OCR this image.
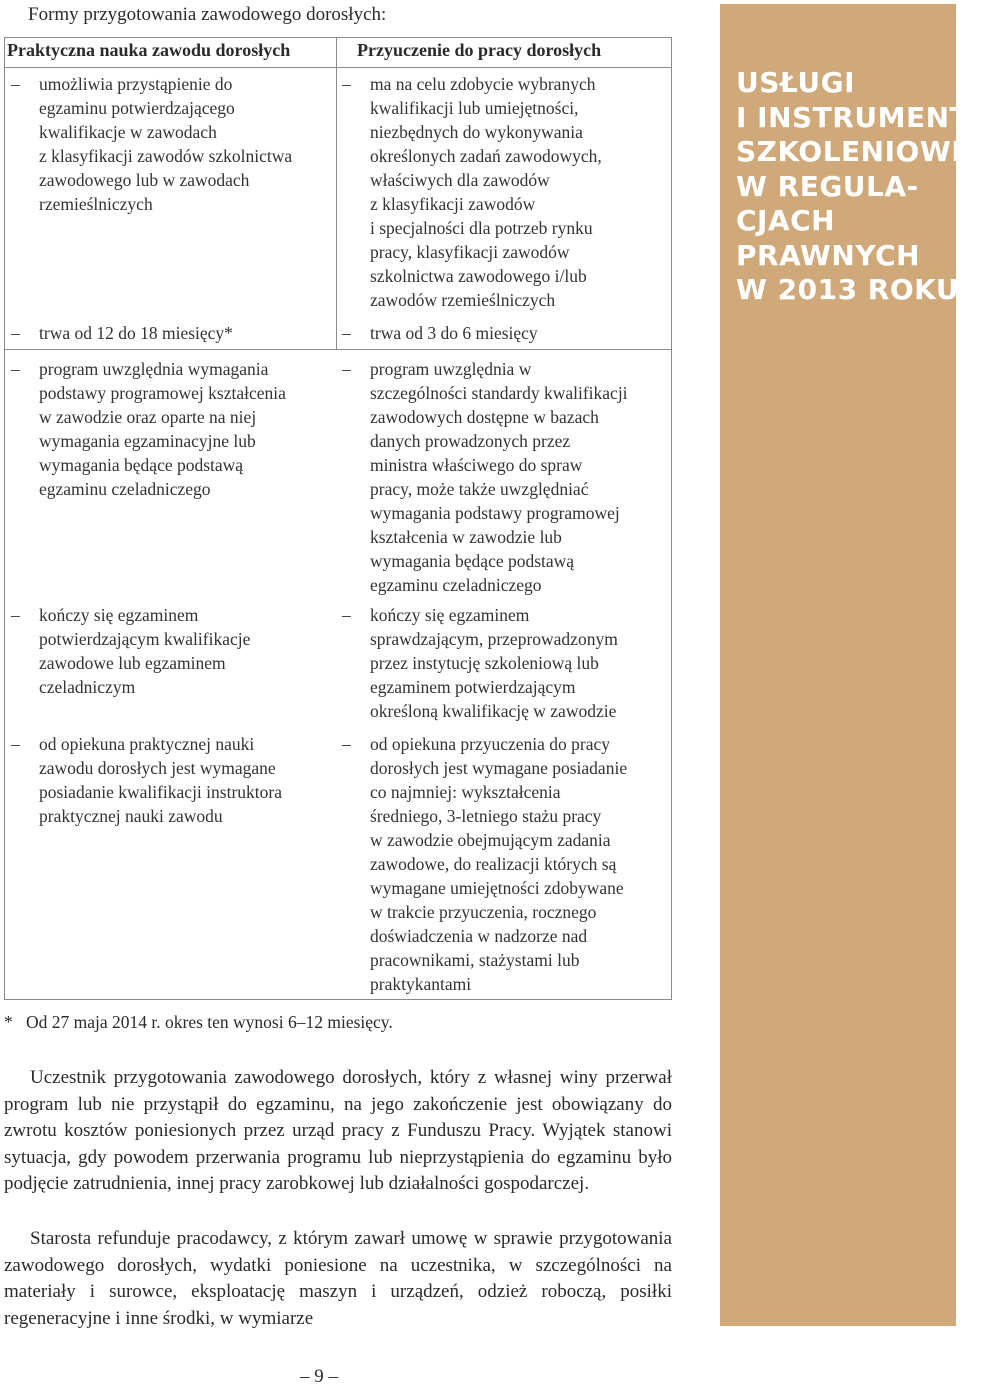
Formy przygotowania zawodowego dorosłych:
Praktyczna nauka zawodu dorosłych	Przyuczenie do pracy dorosłych
– umożliwia przystąpienie do
egzaminu potwierdzającego
kwalifikacje w zawodach
z klasyfikacji zawodów szkolnictwa
zawodowego lub w zawodach
rzemieślniczych
– ma na celu zdobycie wybranych
kwalifikacji lub umiejętności,
niezbędnych do wykonywania
określonych zadań zawodowych,
właściwych dla zawodów
z klasyfikacji zawodów
i specjalności dla potrzeb rynku
pracy, klasyfikacji zawodów
szkolnictwa zawodowego i/lub
zawodów rzemieślniczych
– trwa od 12 do 18 miesięcy*	– trwa od 3 do 6 miesięcy
– program uwzględnia wymagania
podstawy programowej kształcenia
w zawodzie oraz oparte na niej
wymagania egzaminacyjne lub
wymagania będące podstawą
egzaminu czeladniczego
– program uwzględnia w
szczególności standardy kwalifikacji
zawodowych dostępne w bazach
danych prowadzonych przez
ministra właściwego do spraw
pracy, może także uwzględniać
wymagania podstawy programowej
kształcenia w zawodzie lub
wymagania będące podstawą
egzaminu czeladniczego
– kończy się egzaminem
potwierdzającym kwalifikacje
zawodowe lub egzaminem
czeladniczym
– kończy się egzaminem
sprawdzającym, przeprowadzonym
przez instytucję szkoleniową lub
egzaminem potwierdzającym
określoną kwalifikację w zawodzie
– od opiekuna praktycznej nauki
zawodu dorosłych jest wymagane
posiadanie kwalifikacji instruktora
praktycznej nauki zawodu
– od opiekuna przyuczenia do pracy
dorosłych jest wymagane posiadanie
co najmniej: wykształcenia
średniego, 3-letniego stażu pracy
w zawodzie obejmującym zadania
zawodowe, do realizacji których są
wymagane umiejętności zdobywane
w trakcie przyuczenia, rocznego
doświadczenia w nadzorze nad
pracownikami, stażystami lub
praktykantami
* Od 27 maja 2014 r. okres ten wynosi 6–12 miesięcy.
Uczestnik przygotowania zawodowego dorosłych, który z własnej winy przerwał program lub nie przystąpił do egzaminu, na jego zakończenie jest obowiązany do zwrotu kosztów poniesionych przez urząd pracy z Funduszu Pracy. Wyjątek stanowi sytuacja, gdy powodem przerwania programu lub nieprzystąpienia do egzaminu było podjęcie zatrudnienia, innej pracy zarobkowej lub działalności gospodarczej.
Starosta refunduje pracodawcy, z którym zawarł umowę w sprawie przygotowania zawodowego dorosłych, wydatki poniesione na uczestnika, w szczególności na materiały i surowce, eksploatację maszyn i urządzeń, odzież roboczą, posiłki regeneracyjne i inne środki, w wymiarze
– 9 –
USŁUGI
I INSTRUMENTY
SZKOLENIOWE
W REGULA-
CJACH
PRAWNYCH
W 2013 ROKU
